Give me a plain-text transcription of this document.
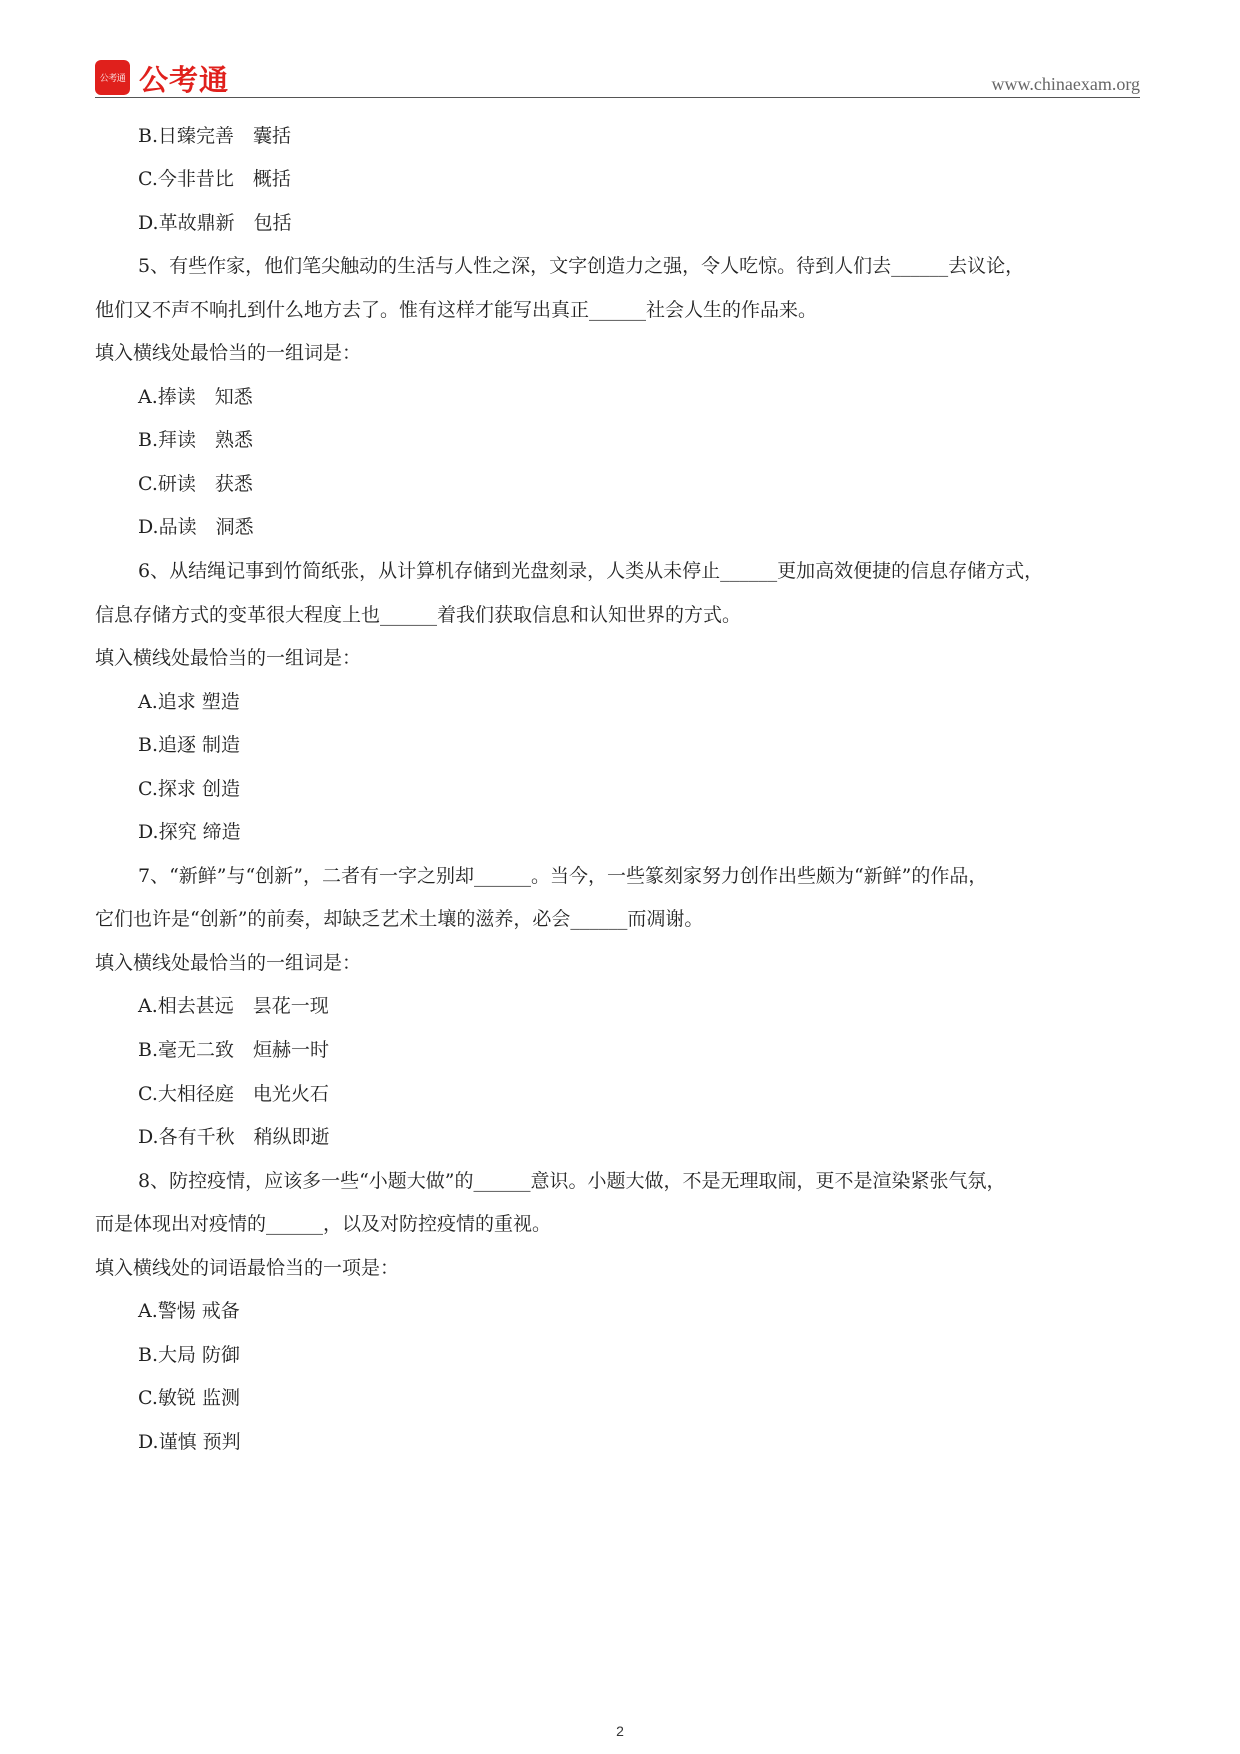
公考通 公考通	www.chinaexam.org
B.日臻完善　囊括
C.今非昔比　概括
D.革故鼎新　包括
5、有些作家，他们笔尖触动的生活与人性之深，文字创造力之强，令人吃惊。待到人们去______去议论，
他们又不声不响扎到什么地方去了。惟有这样才能写出真正______社会人生的作品来。
填入横线处最恰当的一组词是：
A.捧读　知悉
B.拜读　熟悉
C.研读　获悉
D.品读　洞悉
6、从结绳记事到竹简纸张，从计算机存储到光盘刻录，人类从未停止______更加高效便捷的信息存储方式，
信息存储方式的变革很大程度上也______着我们获取信息和认知世界的方式。
填入横线处最恰当的一组词是：
A.追求 塑造
B.追逐 制造
C.探求 创造
D.探究 缔造
7、“新鲜”与“创新”，二者有一字之别却______。当今，一些篆刻家努力创作出些颇为“新鲜”的作品，
它们也许是“创新”的前奏，却缺乏艺术土壤的滋养，必会______而凋谢。
填入横线处最恰当的一组词是：
A.相去甚远　昙花一现
B.毫无二致　烜赫一时
C.大相径庭　电光火石
D.各有千秋　稍纵即逝
8、防控疫情，应该多一些“小题大做”的______意识。小题大做，不是无理取闹，更不是渲染紧张气氛，
而是体现出对疫情的______，以及对防控疫情的重视。
填入横线处的词语最恰当的一项是：
A.警惕 戒备
B.大局 防御
C.敏锐 监测
D.谨慎 预判
2
